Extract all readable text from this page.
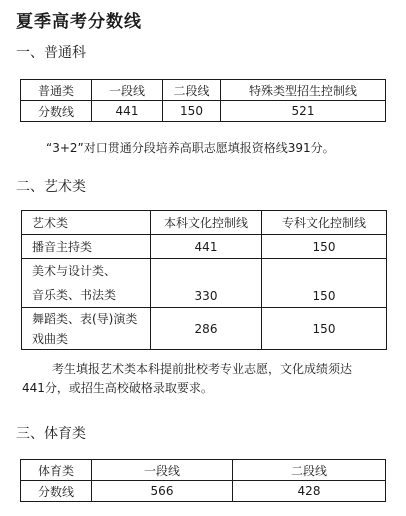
夏季高考分数线
一、普通科
普通类	一段线	二段线	特殊类型招生控制线
分数线	441	150	521
“3+2”对口贯通分段培养高职志愿填报资格线391分。
二、艺术类
艺术类	本科文化控制线	专科文化控制线
播音主持类	441	150

美术与设计类、
音乐类、书法类	330	150

舞蹈类、表(导)演类
戏曲类	286	150
考生填报艺术类本科提前批校考专业志愿，文化成绩须达
441分，或招生高校破格录取要求。
三、体育类
体育类	一段线	二段线
分数线	566	428
